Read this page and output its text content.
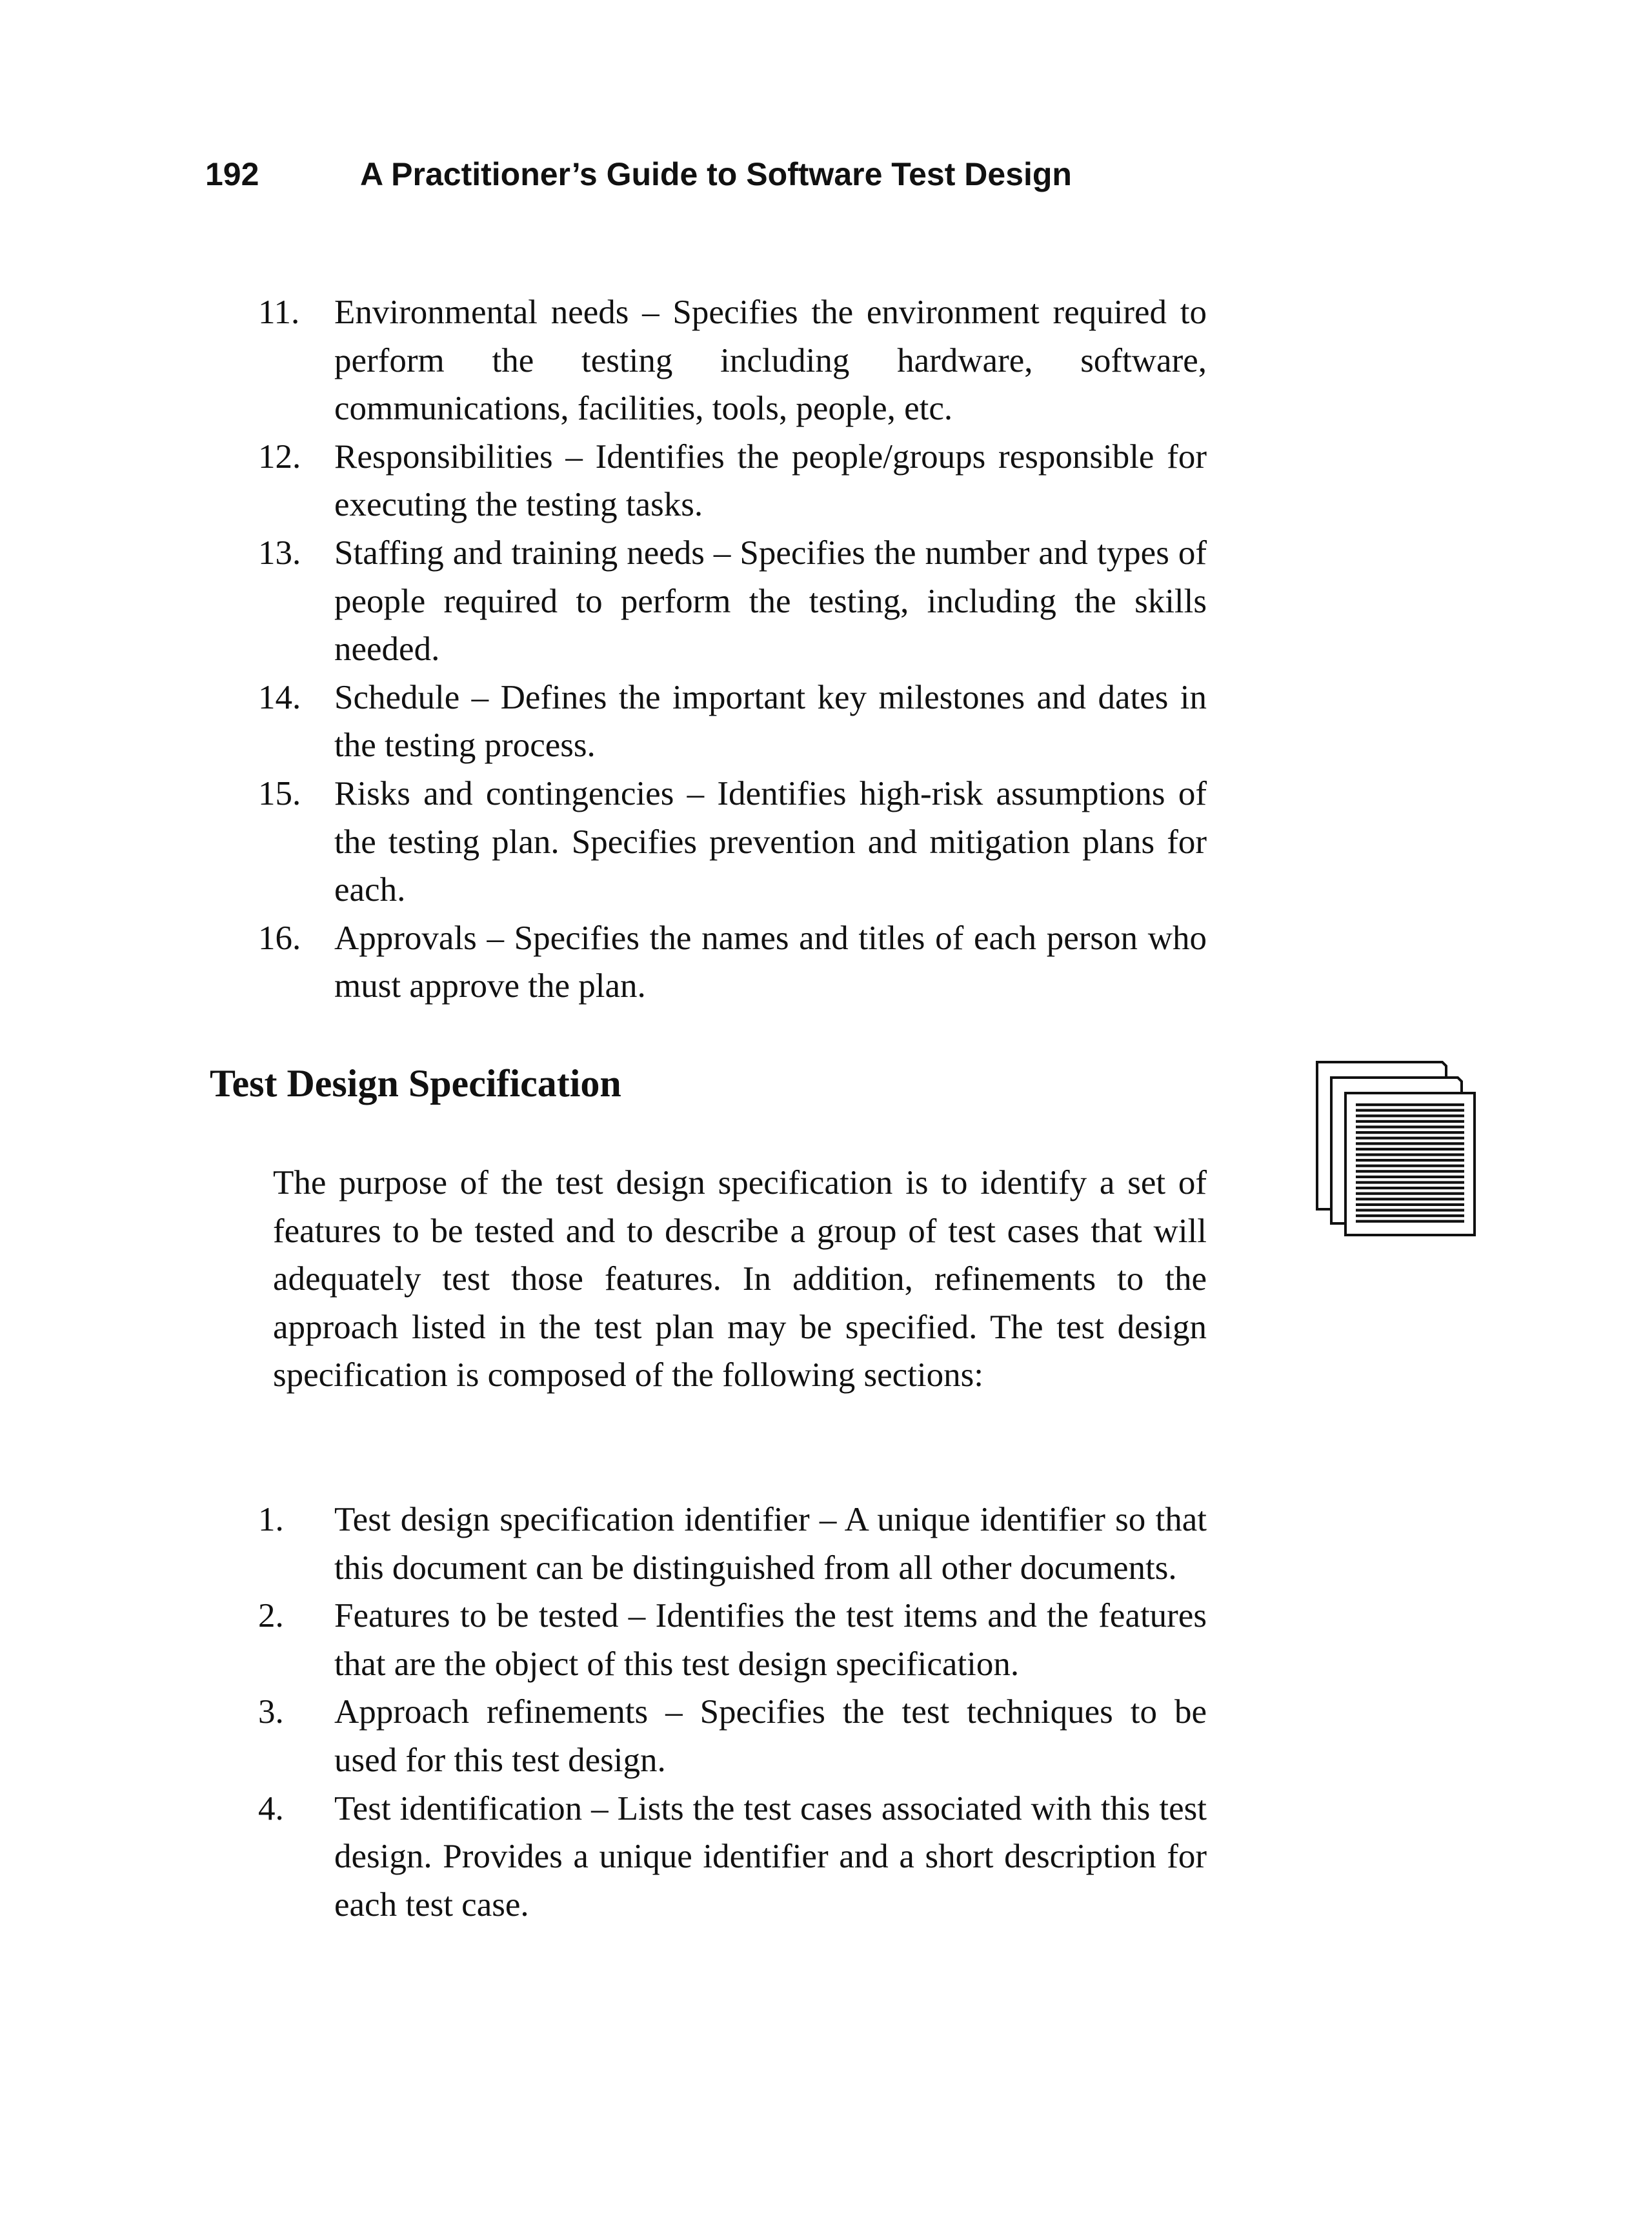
192	A Practitioner’s Guide to Software Test Design
11.	Environmental needs – Specifies the environment required to perform the testing including hardware, software, communications, facilities, tools, people, etc.
12. Responsibilities – Identifies the people/groups responsible for executing the testing tasks.
13. Staffing and training needs – Specifies the number and types of people required to perform the testing, including the skills needed.
14. Schedule – Defines the important key milestones and dates in the testing process.
15. Risks and contingencies – Identifies high-risk assumptions of the testing plan. Specifies prevention and mitigation plans for each.
16. Approvals – Specifies the names and titles of each person who must approve the plan.
Test Design Specification

The purpose of the test design specification is to identify a set of features to be tested and to describe a group of test cases that will adequately test those features. In addition, refinements to the approach listed in the test plan may be specified. The test design specification is composed of the following sections:

1.	Test design specification identifier – A unique identifier so that this document can be distinguished from all other documents.
2.	Features to be tested – Identifies the test items and the features that are the object of this test design specification.
3.	Approach refinements – Specifies the test techniques to be used for this test design.
4.	Test identification – Lists the test cases associated with this test design. Provides a unique identifier and a short description for each test case.
